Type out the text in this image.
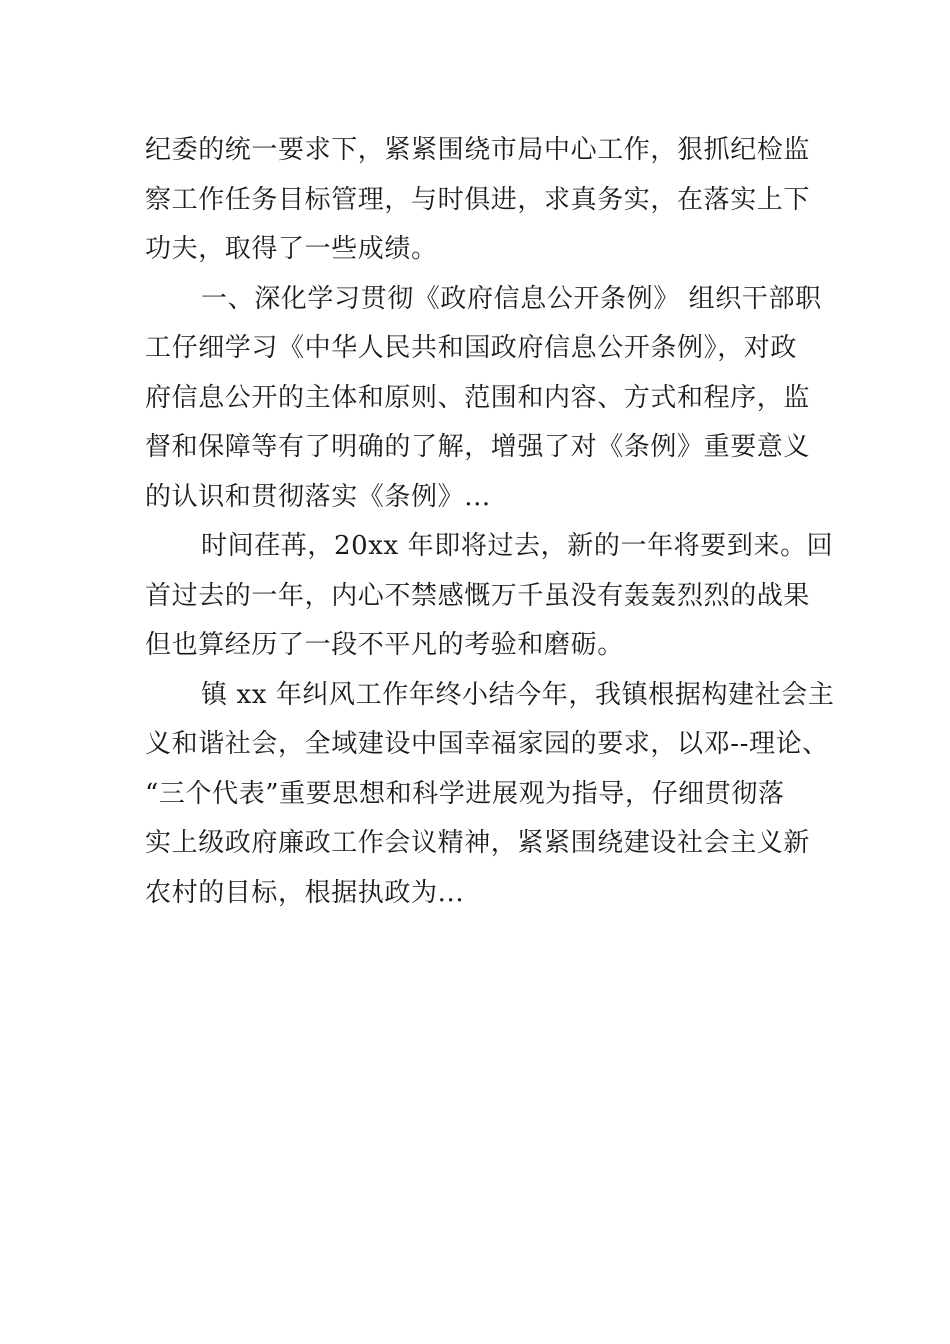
纪委的统一要求下，紧紧围绕市局中心工作，狠抓纪检监
察工作任务目标管理，与时俱进，求真务实，在落实上下
功夫，取得了一些成绩。
一、深化学习贯彻《政府信息公开条例》 组织干部职
工仔细学习《中华人民共和国政府信息公开条例》，对政
府信息公开的主体和原则、范围和内容、方式和程序，监
督和保障等有了明确的了解，增强了对《条例》重要意义
的认识和贯彻落实《条例》...
时间荏苒，20xx 年即将过去，新的一年将要到来。回
首过去的一年，内心不禁感慨万千虽没有轰轰烈烈的战果
但也算经历了一段不平凡的考验和磨砺。
镇 xx 年纠风工作年终小结今年，我镇根据构建社会主
义和谐社会，全域建设中国幸福家园的要求，以邓--理论、
“三个代表”重要思想和科学进展观为指导，仔细贯彻落
实上级政府廉政工作会议精神，紧紧围绕建设社会主义新
农村的目标，根据执政为...
